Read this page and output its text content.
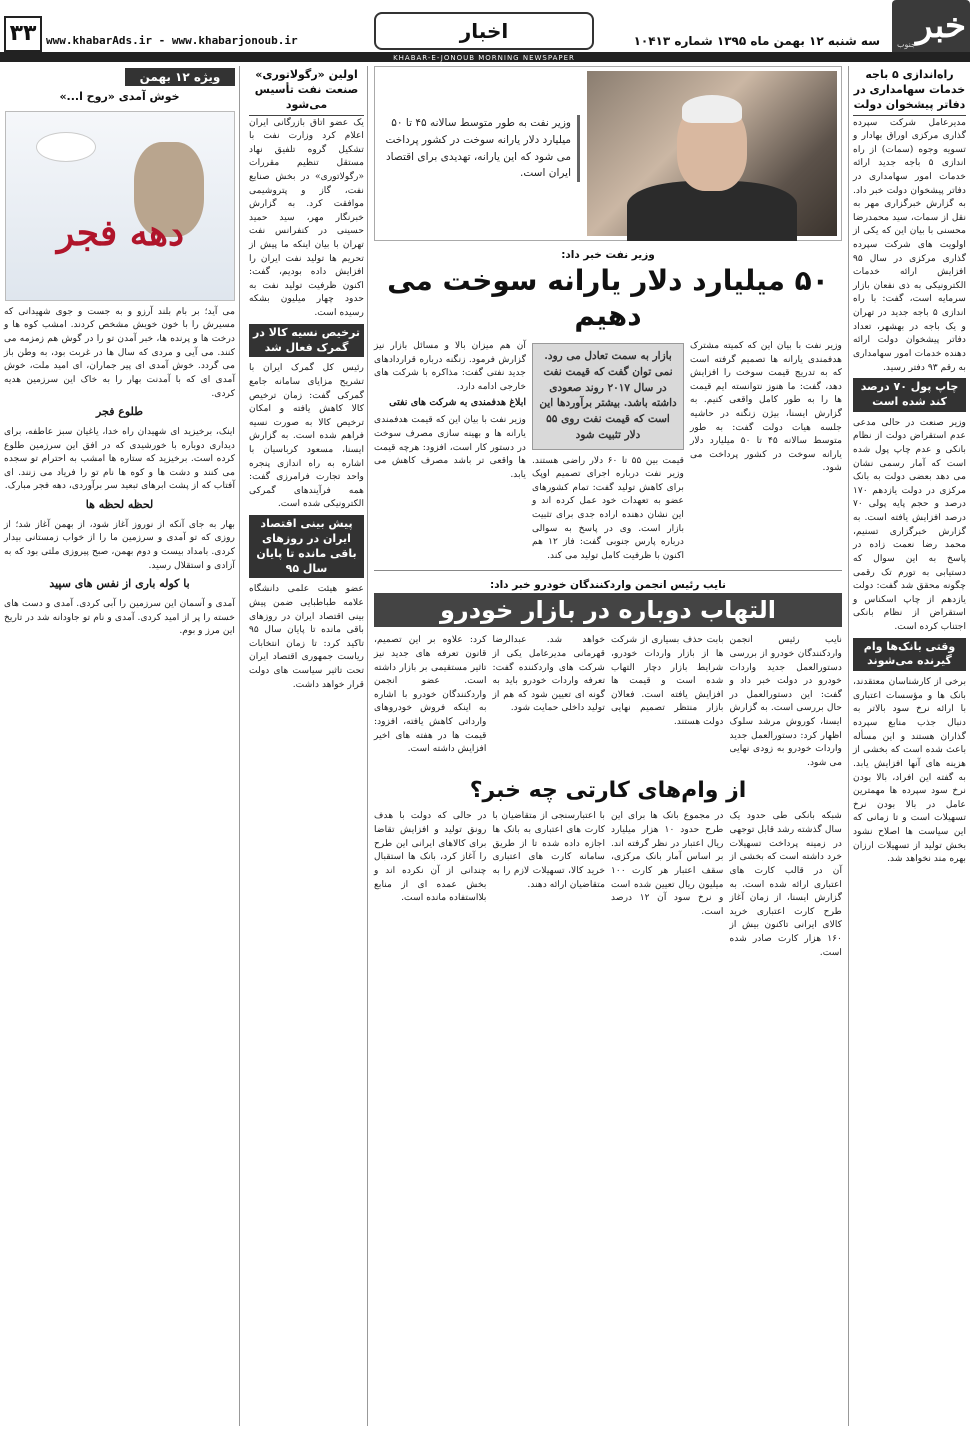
خبر
جنوب
سه شنبه ۱۲ بهمن ماه ۱۳۹۵ شماره ۱۰۴۱۳
اخبار
www.khabarAds.ir - www.khabarjonoub.ir
۳۳
KHABAR-E-JONOUB MORNING NEWSPAPER
راه‌اندازی ۵ باجه خدمات سهامداری در دفاتر پیشخوان دولت

مدیرعامل شرکت سپرده گذاری مرکزی اوراق بهادار و تسویه وجوه (سمات) از راه اندازی ۵ باجه جدید ارائه خدمات امور سهامداری در دفاتر پیشخوان دولت خبر داد. به گزارش خبرگزاری مهر به نقل از سمات، سید محمدرضا محسنی با بیان این که یکی از اولویت های شرکت سپرده گذاری مرکزی در سال ۹۵ افزایش ارائه خدمات الکترونیکی به ذی نفعان بازار سرمایه است، گفت: با راه اندازی ۵ باجه جدید در تهران و یک باجه در بهشهر، تعداد دفاتر پیشخوان دولت ارائه دهنده خدمات امور سهامداری به رقم ۹۳ دفتر رسید.

چاپ پول ۷۰ درصد کند شده است

وزیر صنعت در حالی مدعی عدم استقراض دولت از نظام بانکی و عدم چاپ پول شده است که آمار رسمی نشان می دهد بعضی دولت به بانک مرکزی در دولت یازدهم ۱۷۰ درصد و حجم پایه پولی ۷۰ درصد افزایش یافته است. به گزارش خبرگزاری تسنیم، محمد رضا نعمت زاده در پاسخ به این سوال که دستیابی به تورم تک رقمی چگونه محقق شد گفت: دولت یازدهم از چاپ اسکناس و استقراض از نظام بانکی اجتناب کرده است.

وقتی بانک‌ها وام گیرنده می‌شوند

برخی از کارشناسان معتقدند، بانک ها و مؤسسات اعتباری با ارائه نرخ سود بالاتر به دنبال جذب منابع سپرده گذاران هستند و این مسأله باعث شده است که بخشی از هزینه های آنها افزایش یابد. به گفته این افراد، بالا بودن نرخ سود سپرده ها مهمترین عامل در بالا بودن نرخ تسهیلات است و تا زمانی که این سیاست ها اصلاح نشود بخش تولید از تسهیلات ارزان بهره مند نخواهد شد.

وزیر نفت به طور متوسط سالانه ۴۵ تا ۵۰ میلیارد دلار یارانه سوخت در کشور پرداخت می شود که این یارانه، تهدیدی برای اقتصاد ایران است.
وزیر نفت خبر داد:
۵۰ میلیارد دلار یارانه سوخت می دهیم

وزیر نفت با بیان این که کمیته مشترک هدفمندی یارانه ها تصمیم گرفته است که به تدریج قیمت سوخت را افزایش دهد، گفت: ما هنوز نتوانسته ایم قیمت ها را به طور کامل واقعی کنیم. به گزارش ایسنا، بیژن زنگنه در حاشیه جلسه هیات دولت گفت: به طور متوسط سالانه ۴۵ تا ۵۰ میلیارد دلار یارانه سوخت در کشور پرداخت می شود.

بازار به سمت تعادل می رود. نمی توان گفت که قیمت نفت در سال ۲۰۱۷ روند صعودی داشته باشد. بیشتر برآوردها این است که قیمت نفت روی ۵۵ دلار تثبیت شود

قیمت بین ۵۵ تا ۶۰ دلار راضی هستند. وزیر نفت درباره اجرای تصمیم اوپک برای کاهش تولید گفت: تمام کشورهای عضو به تعهدات خود عمل کرده اند و این نشان دهنده اراده جدی برای تثبیت بازار است. وی در پاسخ به سوالی درباره پارس جنوبی گفت: فاز ۱۲ هم اکنون با ظرفیت کامل تولید می کند.

آن هم میزان بالا و مسائل بازار نیز گزارش فرمود. زنگنه درباره قراردادهای جدید نفتی گفت: مذاکره با شرکت های خارجی ادامه دارد.

ابلاغ هدفمندی به شرکت های نفتی

وزیر نفت با بیان این که قیمت هدفمندی یارانه ها و بهینه سازی مصرف سوخت در دستور کار است، افزود: هرچه قیمت ها واقعی تر باشد مصرف کاهش می یابد.

نایب رئیس انجمن واردکنندگان خودرو خبر داد:
التهاب دوباره در بازار خودرو

نایب رئیس انجمن واردکنندگان خودرو از بررسی دستورالعمل جدید واردات خودرو در دولت خبر داد و گفت: این دستورالعمل در حال بررسی است. به گزارش ایسنا، کوروش مرشد سلوک اظهار کرد: دستورالعمل جدید واردات خودرو به زودی نهایی می شود.

بابت حذف بسیاری از شرکت ها از بازار واردات خودرو، شرایط بازار دچار التهاب شده است و قیمت ها افزایش یافته است. فعالان بازار منتظر تصمیم نهایی دولت هستند.

خواهد شد. عبدالرضا قهرمانی مدیرعامل یکی از شرکت های واردکننده گفت: تعرفه واردات خودرو باید به گونه ای تعیین شود که هم از تولید داخلی حمایت شود.

کرد: علاوه بر این تصمیم، قانون تعرفه های جدید نیز تاثیر مستقیمی بر بازار داشته است. عضو انجمن واردکنندگان خودرو با اشاره به اینکه فروش خودروهای وارداتی کاهش یافته، افزود: قیمت ها در هفته های اخیر افزایش داشته است.

از وام‌های کارتی چه خبر؟

شبکه بانکی طی حدود یک سال گذشته رشد قابل توجهی در زمینه پرداخت تسهیلات خرد داشته است که بخشی از آن در قالب کارت های اعتباری ارائه شده است. به گزارش ایسنا، از زمان آغاز طرح کارت اعتباری خرید کالای ایرانی تاکنون بیش از ۱۶۰ هزار کارت صادر شده است.

در مجموع بانک ها برای این طرح حدود ۱۰ هزار میلیارد ریال اعتبار در نظر گرفته اند. بر اساس آمار بانک مرکزی، سقف اعتبار هر کارت ۱۰۰ میلیون ریال تعیین شده است و نرخ سود آن ۱۲ درصد است.

با اعتبارسنجی از متقاضیان با کارت های اعتباری به بانک ها اجازه داده شده تا از طریق سامانه کارت های اعتباری خرید کالا، تسهیلات لازم را به متقاضیان ارائه دهند.

در حالی که دولت با هدف رونق تولید و افزایش تقاضا برای کالاهای ایرانی این طرح را آغاز کرد، بانک ها استقبال چندانی از آن نکرده اند و بخش عمده ای از منابع بلااستفاده مانده است.

اولین «رگولاتوری» صنعت نفت تأسیس می‌شود

یک عضو اتاق بازرگانی ایران اعلام کرد وزارت نفت با تشکیل گروه تلفیق نهاد مستقل تنظیم مقررات «رگولاتوری» در بخش صنایع نفت، گاز و پتروشیمی موافقت کرد. به گزارش خبرنگار مهر، سید حمید حسینی در کنفرانس نفت تهران با بیان اینکه ما پیش از تحریم ها تولید نفت ایران را افزایش داده بودیم، گفت: اکنون ظرفیت تولید نفت به حدود چهار میلیون بشکه رسیده است.

ترخیص نسیه کالا در گمرک فعال شد

رئیس کل گمرک ایران با تشریح مزایای سامانه جامع گمرکی گفت: زمان ترخیص کالا کاهش یافته و امکان ترخیص کالا به صورت نسیه فراهم شده است. به گزارش ایسنا، مسعود کرباسیان با اشاره به راه اندازی پنجره واحد تجارت فرامرزی گفت: همه فرآیندهای گمرکی الکترونیکی شده است.

پیش بینی اقتصاد ایران در روزهای باقی مانده تا پایان سال ۹۵

عضو هیئت علمی دانشگاه علامه طباطبایی ضمن پیش بینی اقتصاد ایران در روزهای باقی مانده تا پایان سال ۹۵ تاکید کرد: تا زمان انتخابات ریاست جمهوری اقتصاد ایران تحت تاثیر سیاست های دولت قرار خواهد داشت.

ویژه ۱۲ بهمن
خوش آمدی «روح ا...»
دهه فجر

می آید؛ بر بام بلند آرزو و به جست و جوی شهیدانی که مسیرش را با خون خویش مشخص کردند. امشب کوه ها و درخت ها و پرنده ها، خبر آمدن تو را در گوش هم زمزمه می کنند. می آیی و مردی که سال ها در غربت بود، به وطن باز می گردد. خوش آمدی ای پیر جماران، ای امید ملت، خوش آمدی ای که با آمدنت بهار را به خاک این سرزمین هدیه کردی.

طلوع فجر

اینک، برخیزید ای شهیدان راه خدا، یاغیان سبز عاطفه، برای دیداری دوباره با خورشیدی که در افق این سرزمین طلوع کرده است. برخیزید که ستاره ها امشب به احترام تو سجده می کنند و دشت ها و کوه ها نام تو را فریاد می زنند. ای آفتاب که از پشت ابرهای تبعید سر برآوردی، دهه فجر مبارک.

لحظه لحظه ها

بهار به جای آنکه از نوروز آغاز شود، از بهمن آغاز شد؛ از روزی که تو آمدی و سرزمین ما را از خواب زمستانی بیدار کردی. بامداد بیست و دوم بهمن، صبح پیروزی ملتی بود که به آزادی و استقلال رسید.

با کوله باری از نفس های سپید

آمدی و آسمان این سرزمین را آبی کردی. آمدی و دست های خسته را پر از امید کردی. آمدی و نام تو جاودانه شد در تاریخ این مرز و بوم.
